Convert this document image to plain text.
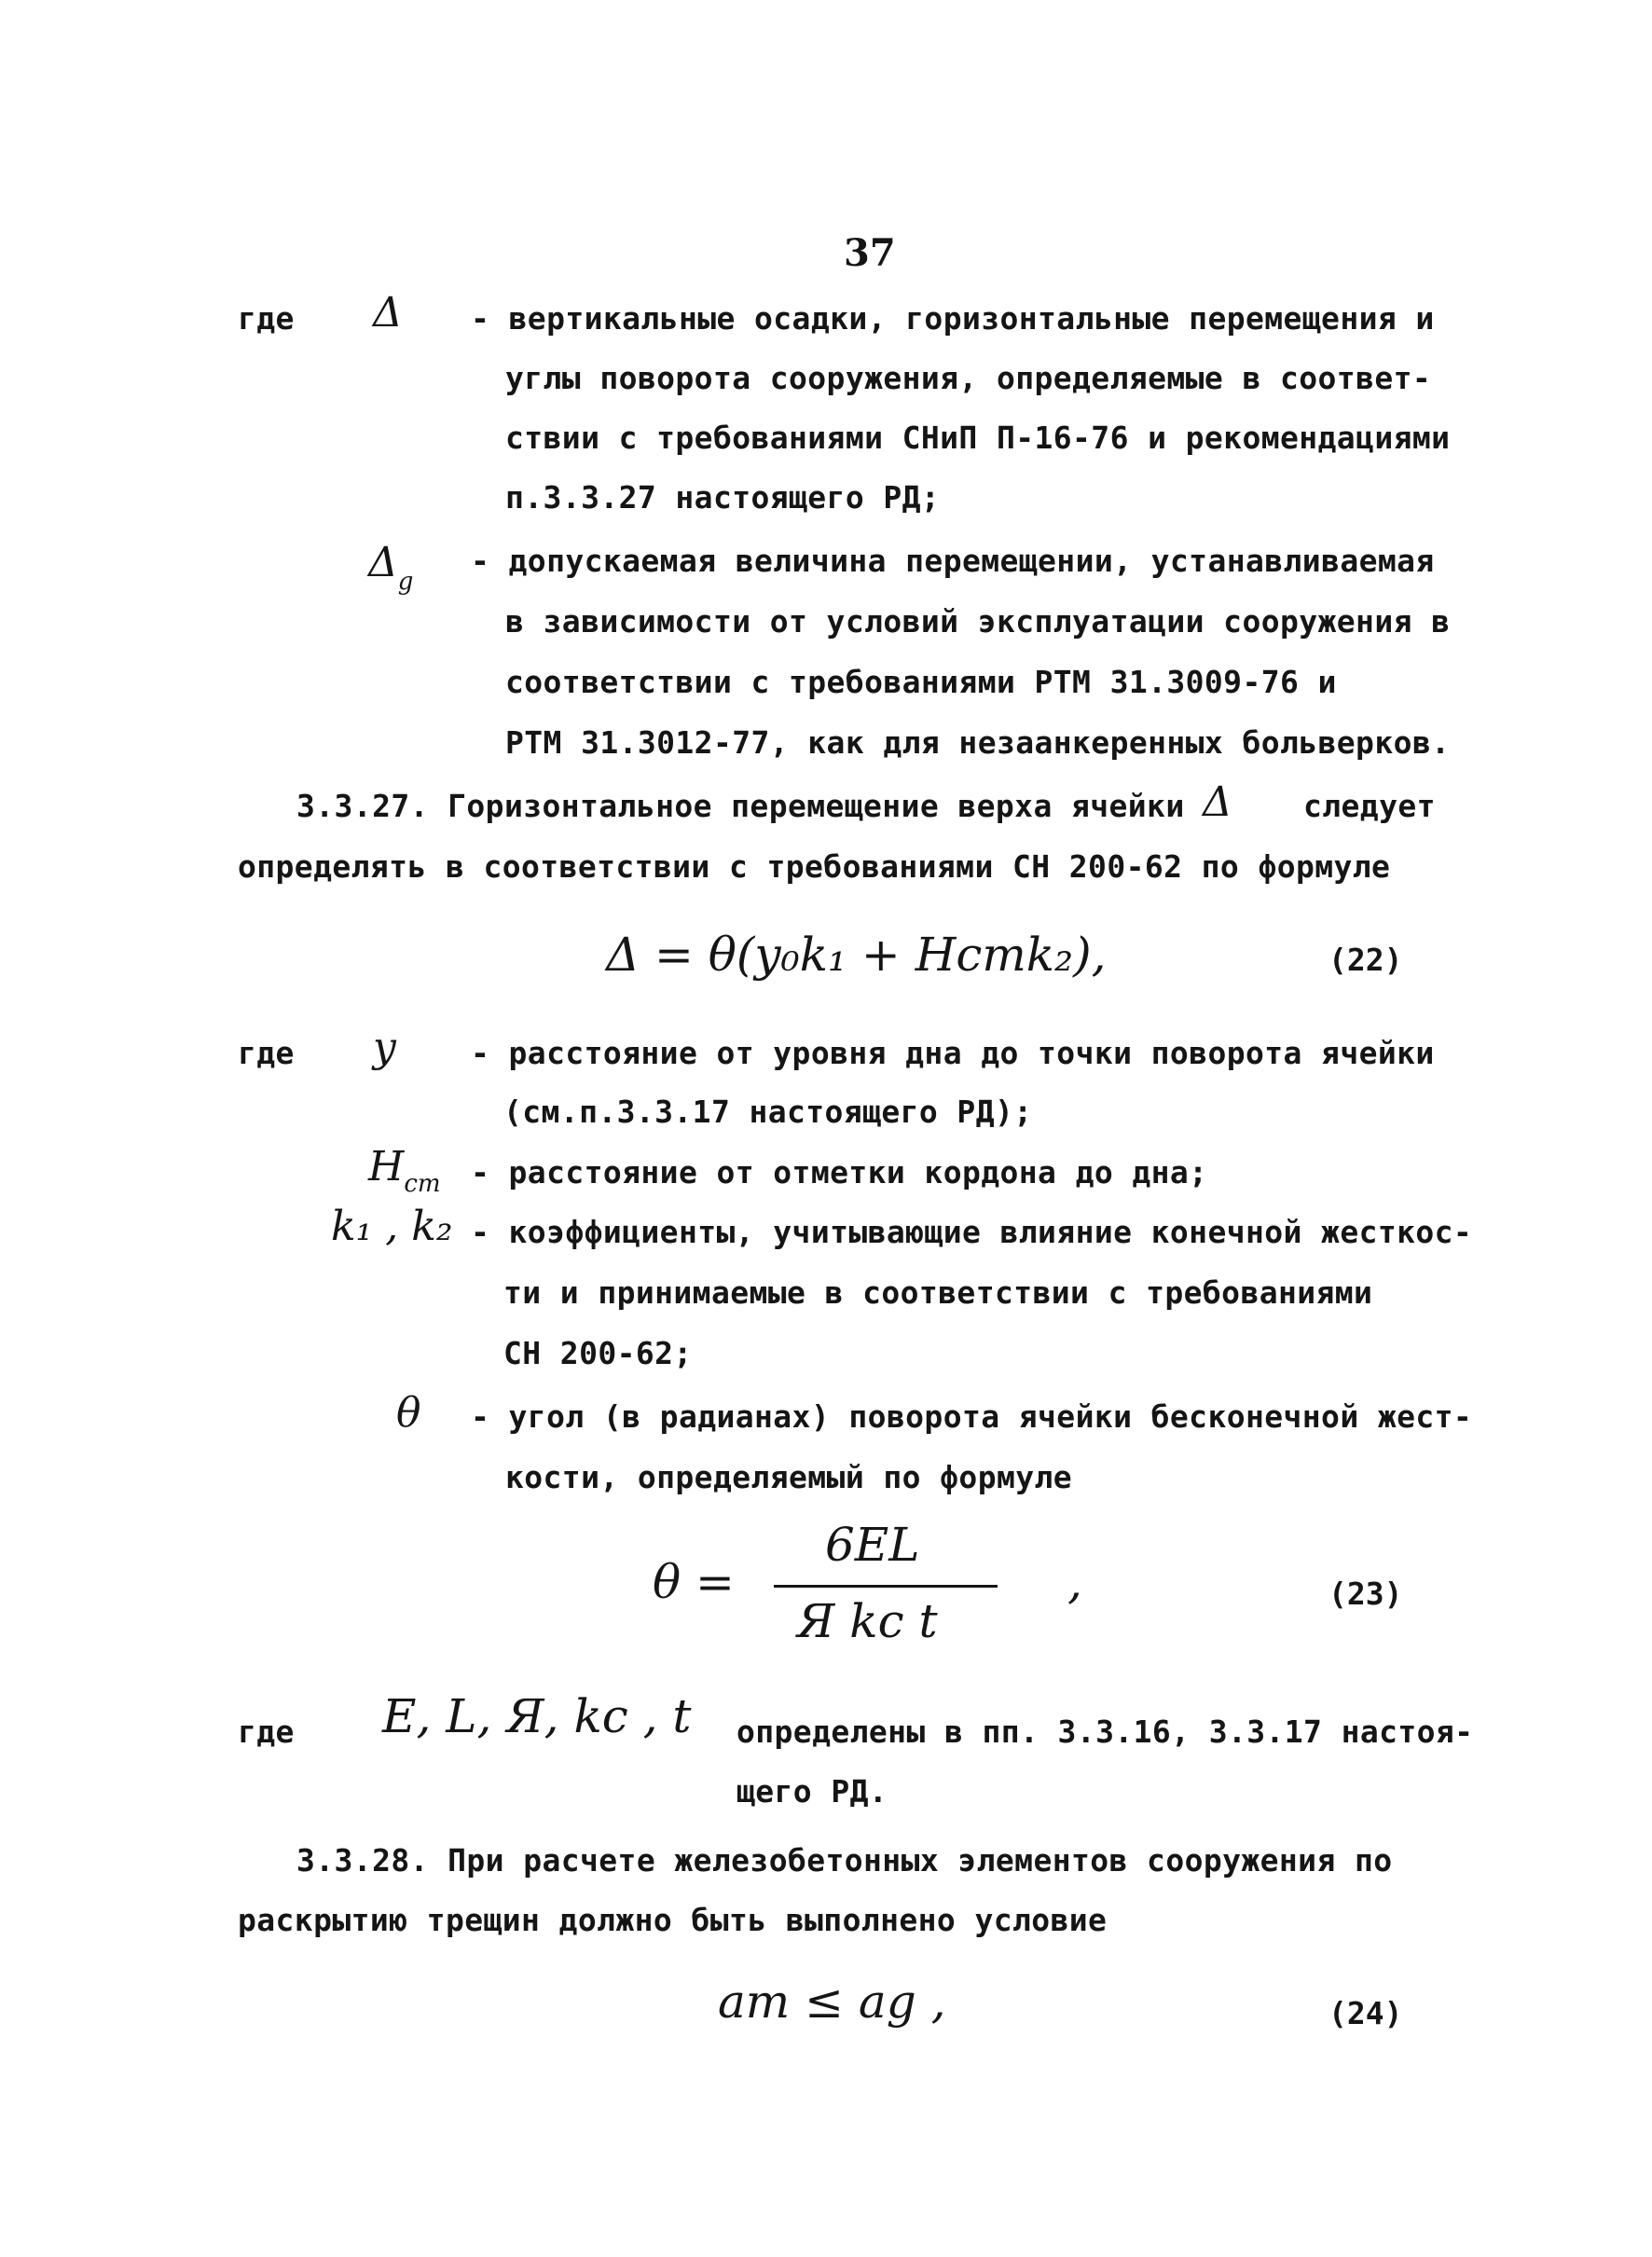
37
где Δ - вертикальные осадки, горизонтальные перемещения и
углы поворота сооружения, определяемые в соответ-
ствии с требованиями СНиП П-16-76 и рекомендациями
п.3.3.27 настоящего РД;
$\Delta_g$
- допускаемая величина перемещении, устанавливаемая
в зависимости от условий эксплуатации сооружения в
соответствии с требованиями РТМ 31.3009-76 и
РТМ 31.3012-77, как для незаанкеренных больверков.
3.3.27. Горизонтальное перемещение верха ячейки Δ следует
определять в соответствии с требованиями СН 200-62 по формуле
Δ = θ(y₀k₁ + Hстk₂),	(22)
где y - расстояние от уровня дна до точки поворота ячейки
(см.п.3.3.17 настоящего РД);
$H_{ст}$ - расстояние от отметки кордона до дна;
k₁ , k₂ - коэффициенты, учитывающие влияние конечной жесткос-
ти и принимаемые в соответствии с требованиями
СН 200-62;
θ - угол (в радианах) поворота ячейки бесконечной жест-
кости, определяемый по формуле
θ =
6EL
Я kc t
,	(23)
где E, L, Я, kc , t определены в пп. 3.3.16, 3.3.17 настоя-
щего РД.
3.3.28. При расчете железобетонных элементов сооружения по
раскрытию трещин должно быть выполнено условие
aт ≤ ag ,	(24)
